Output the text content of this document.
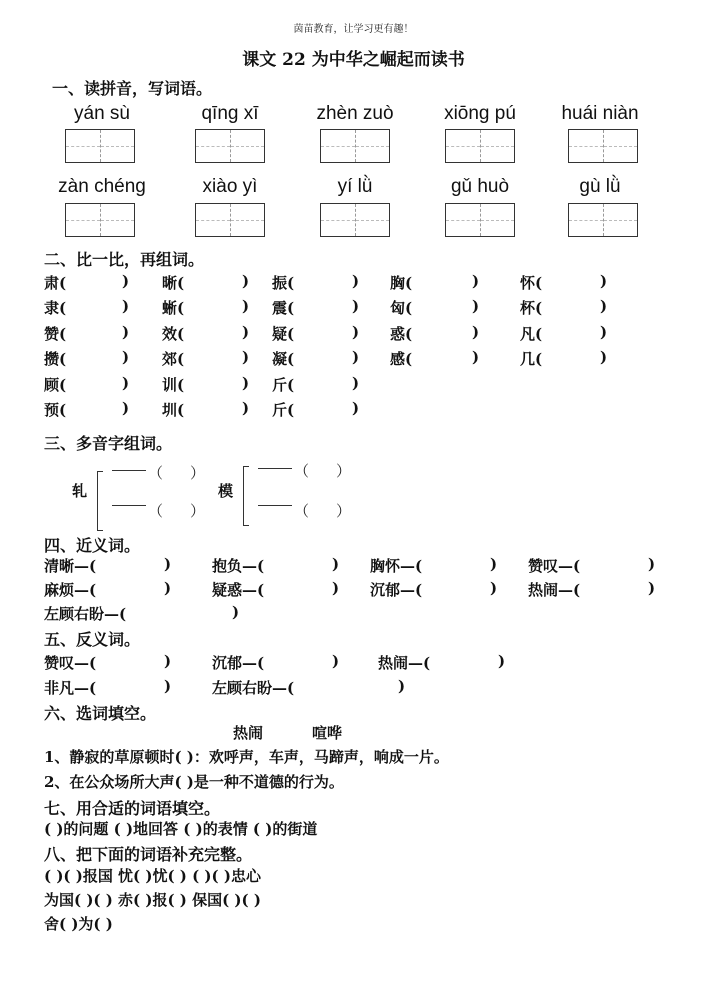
茵苗教育，让学习更有趣！
课文 22 为中华之崛起而读书
一、读拼音，写词语。
yán sù	qīng xī	zhèn zuò	xiōng pú	huái niàn
zàn chéng	xiào yì	yí lǜ	gǔ huò	gù lǜ
二、比一比，再组词。
肃(	) 晰(	) 振(	) 胸(	)	怀(	)
隶(	) 蜥(	) 震(	) 匈(	)	杯(	)
赞(	) 效(	) 疑(	) 惑(	)	凡(	)
攒(	) 郊(	) 凝(	) 感(	)	几(	)
顾(	) 训(	) 斤(	)
预(	) 圳(	) 斤(	)
三、多音字组词。
轧
（ ）
（ ）
模
（ ）
（ ）
四、近义词。
清晰—(	)	抱负—(	) 胸怀—(	) 赞叹—(	)
麻烦—(	)	疑惑—(	) 沉郁—(	) 热闹—(	)
左顾右盼—(	)
五、反义词。
赞叹—(	)	沉郁—(	)	热闹—(	)
非凡—(	)	左顾右盼—(	)
六、选词填空。
热闹	喧哗
1、静寂的草原顿时( )：欢呼声，车声，马蹄声，响成一片。
2、在公众场所大声( )是一种不道德的行为。
七、用合适的词语填空。
( )的问题 ( )地回答 ( )的表情 ( )的街道
八、把下面的词语补充完整。
( )( )报国 忧( )忧( ) ( )( )忠心
为国( )( ) 赤( )报( ) 保国( )( )
舍( )为( )
